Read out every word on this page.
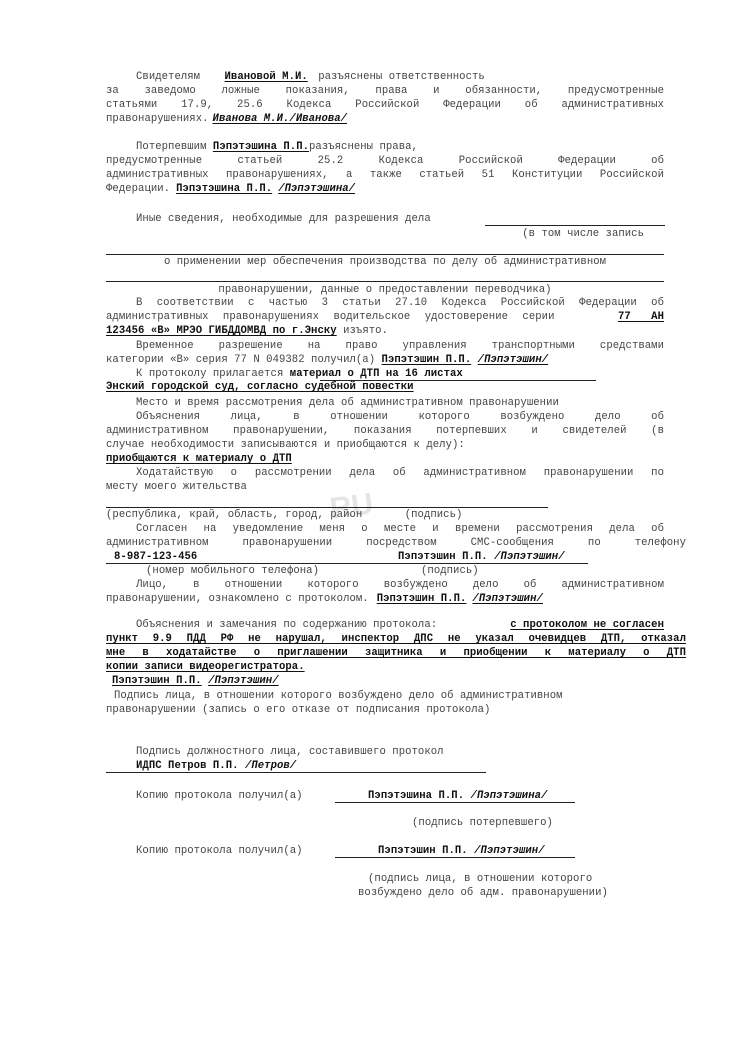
RU
Свидетелям Ивановой М.И. разъяснены ответственность
за заведомо ложные показания, права и обязанности, предусмотренные
статьями 17.9, 25.6 Кодекса Российской Федерации об административных
правонарушениях. Иванова М.И./Иванова/
Потерпевшим Пэпэтэшина П.П.разъяснены права,
предусмотренные статьей 25.2 Кодекса Российской Федерации об
административных правонарушениях, а также статьей 51 Конституции Российской
Федерации. Пэпэтэшина П.П. /Пэпэтэшина/
Иные сведения, необходимые для разрешения дела
(в том числе запись
о применении мер обеспечения производства по делу об административном
правонарушении, данные о предоставлении переводчика)
В соответствии с частью 3 статьи 27.10 Кодекса Российской Федерации об
административных правонарушениях водительское удостоверение серии	77 АН
123456 «В» МРЭО ГИБДДОМВД по г.Энску изъято.
Временное разрешение на право управления транспортными средствами
категории «В» серия 77 N 049382 получил(а) Пэпэтэшин П.П. /Пэпэтэшин/
К протоколу прилагается материал о ДТП на 16 листах
Энский городской суд, согласно судебной повестки
Место и время рассмотрения дела об административном правонарушении
Объяснения лица, в отношении которого возбуждено дело об
административном правонарушении, показания потерпевших и свидетелей (в
случае необходимости записываются и приобщаются к делу):
приобщаются к материалу о ДТП
Ходатайствую о рассмотрении дела об административном правонарушении по
месту моего жительства
(республика, край, область, город, район	(подпись)
Согласен на уведомление меня о месте и времени рассмотрения дела об
административном правонарушении посредством СМС-сообщения по телефону
8-987-123-456	Пэпэтэшин П.П. /Пэпэтэшин/
(номер мобильного телефона)	(подпись)
Лицо, в отношении которого возбуждено дело об административном
правонарушении, ознакомлено с протоколом. Пэпэтэшин П.П. /Пэпэтэшин/
Объяснения и замечания по содержанию протокола:	с протоколом не согласен
пункт 9.9 ПДД РФ не нарушал, инспектор ДПС не указал очевидцев ДТП, отказал
мне в ходатайстве о приглашении защитника и приобщении к материалу о ДТП
копии записи видеорегистратора.
Пэпэтэшин П.П. /Пэпэтэшин/
Подпись лица, в отношении которого возбуждено дело об административном
правонарушении (запись о его отказе от подписания протокола)
Подпись должностного лица, составившего протокол
ИДПС Петров П.П. /Петров/
Копию протокола получил(а)	Пэпэтэшина П.П. /Пэпэтэшина/
(подпись потерпевшего)
Копию протокола получил(а)	Пэпэтэшин П.П. /Пэпэтэшин/
(подпись лица, в отношении которого
возбуждено дело об адм. правонарушении)
